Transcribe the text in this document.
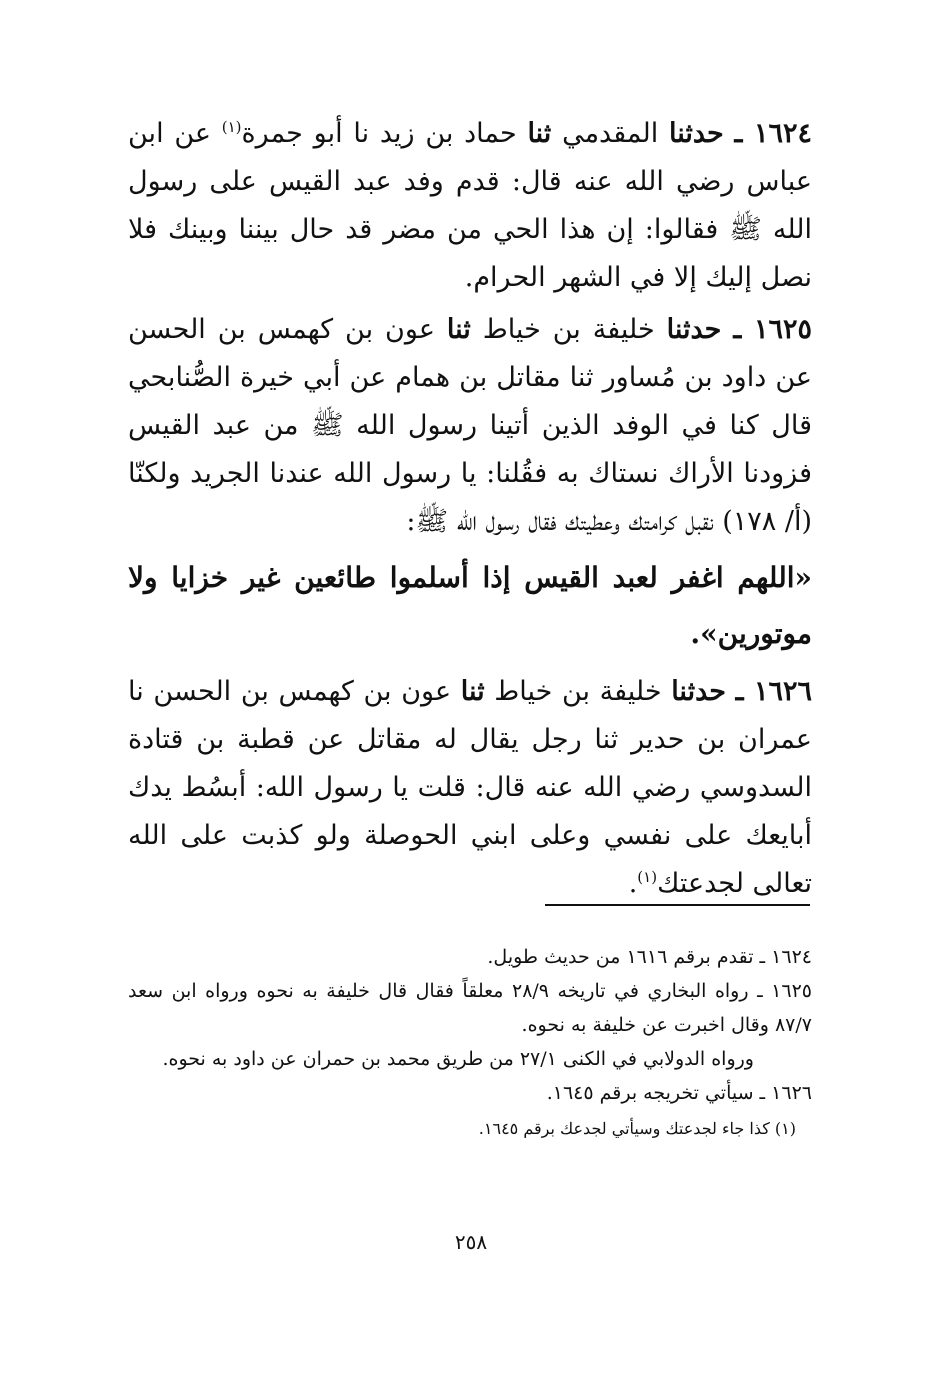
١٦٢٤ ـ حدثنا المقدمي ثنا حماد بن زيد نا أبو جمرة$^{(١)}$ عن ابن عباس رضي الله عنه قال: قدم وفد عبد القيس على رسول الله ﷺ فقالوا: إن هذا الحي من مضر قد حال بيننا وبينك فلا نصل إليك إلا في الشهر الحرام.

١٦٢٥ ـ حدثنا خليفة بن خياط ثنا عون بن كهمس بن الحسن عن داود بن مُساور ثنا مقاتل بن همام عن أبي خيرة الصُّنابحي قال كنا في الوفد الذين أتينا رسول الله ﷺ من عبد القيس فزودنا الأراك نستاك به فقُلنا: يا رسول الله عندنا الجريد ولكنّا (أ/ ١٧٨) نقبل كرامتك وعطيتك فقال رسول الله ﷺ:

«اللهم اغفر لعبد القيس إذا أسلموا طائعين غير خزايا ولا موتورين».

١٦٢٦ ـ حدثنا خليفة بن خياط ثنا عون بن كهمس بن الحسن نا عمران بن حدير ثنا رجل يقال له مقاتل عن قطبة بن قتادة السدوسي رضي الله عنه قال: قلت يا رسول الله: أبسُط يدك أبايعك على نفسي وعلى ابني الحوصلة ولو كذبت على الله تعالى لجدعتك$^{(١)}$.

١٦٢٤ ـ تقدم برقم ١٦١٦ من حديث طويل.

١٦٢٥ ـ رواه البخاري في تاريخه ٢٨/٩ معلقاً فقال قال خليفة به نحوه ورواه ابن سعد ٨٧/٧ وقال اخبرت عن خليفة به نحوه.

ورواه الدولابي في الكنى ٢٧/١ من طريق محمد بن حمران عن داود به نحوه.

١٦٢٦ ـ سيأتي تخريجه برقم ١٦٤٥.

(١) كذا جاء لجدعتك وسيأتي لجدعك برقم ١٦٤٥.

٢٥٨
